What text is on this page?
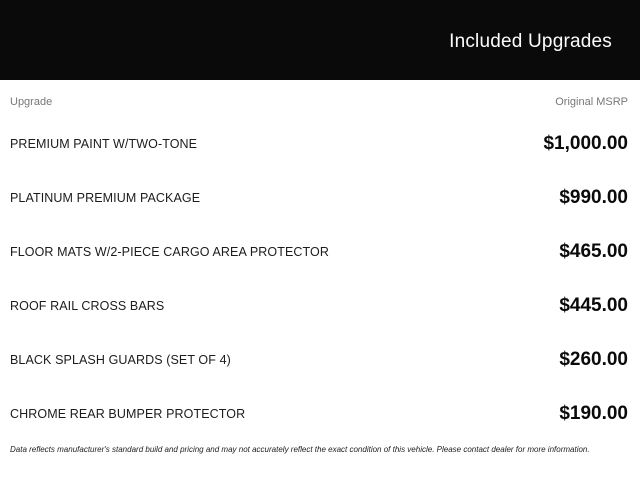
Included Upgrades
Upgrade	Original MSRP
PREMIUM PAINT W/TWO-TONE	$1,000.00
PLATINUM PREMIUM PACKAGE	$990.00
FLOOR MATS W/2-PIECE CARGO AREA PROTECTOR	$465.00
ROOF RAIL CROSS BARS	$445.00
BLACK SPLASH GUARDS (SET OF 4)	$260.00
CHROME REAR BUMPER PROTECTOR	$190.00
Data reflects manufacturer's standard build and pricing and may not accurately reflect the exact condition of this vehicle. Please contact dealer for more information.
